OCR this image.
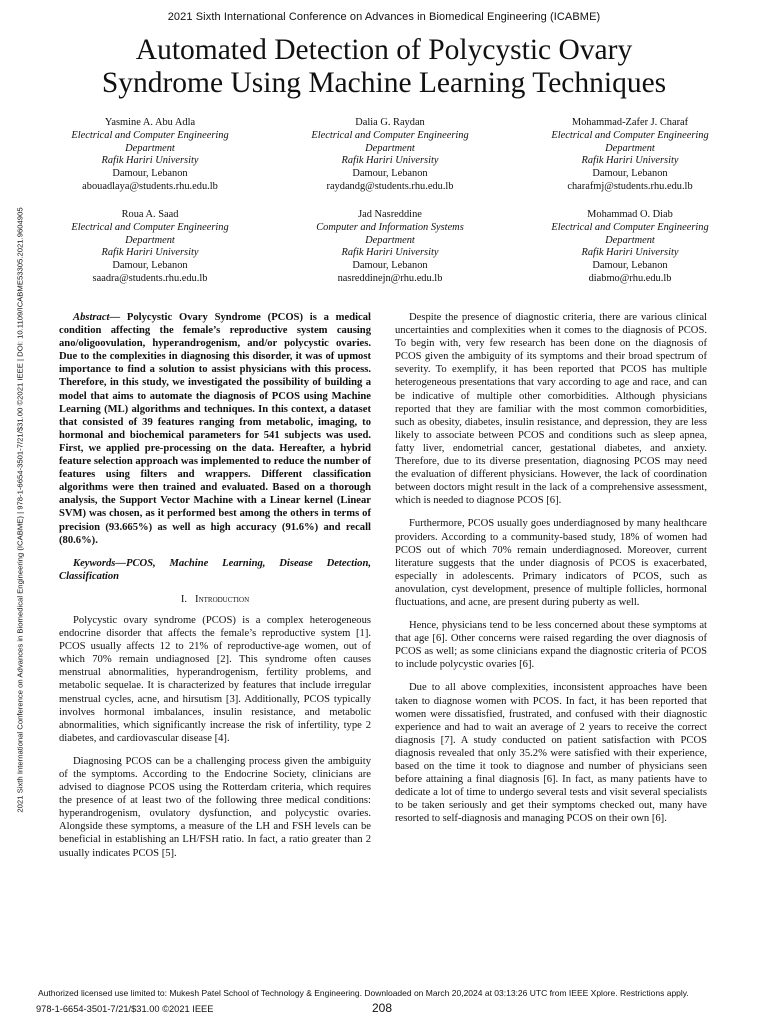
2021 Sixth International Conference on Advances in Biomedical Engineering (ICABME)
Automated Detection of Polycystic Ovary
Syndrome Using Machine Learning Techniques
Yasmine A. Abu Adla
Electrical and Computer Engineering
Department
Rafik Hariri University
Damour, Lebanon
abouadlaya@students.rhu.edu.lb
Dalia G. Raydan
Electrical and Computer Engineering
Department
Rafik Hariri University
Damour, Lebanon
raydandg@students.rhu.edu.lb
Mohammad-Zafer J. Charaf
Electrical and Computer Engineering
Department
Rafik Hariri University
Damour, Lebanon
charafmj@students.rhu.edu.lb
Roua A. Saad
Electrical and Computer Engineering
Department
Rafik Hariri University
Damour, Lebanon
saadra@students.rhu.edu.lb
Jad Nasreddine
Computer and Information Systems
Department
Rafik Hariri University
Damour, Lebanon
nasreddinejn@rhu.edu.lb
Mohammad O. Diab
Electrical and Computer Engineering
Department
Rafik Hariri University
Damour, Lebanon
diabmo@rhu.edu.lb
2021 Sixth International Conference on Advances in Biomedical Engineering (ICABME) | 978-1-6654-3501-7/21/$31.00 ©2021 IEEE | DOI: 10.1109/ICABME53305.2021.9604905	Abstract— Polycystic Ovary Syndrome (PCOS) is a medical condition affecting the female’s reproductive system causing ano/oligoovulation, hyperandrogenism, and/or polycystic ovaries. Due to the complexities in diagnosing this disorder, it was of upmost importance to find a solution to assist physicians with this process. Therefore, in this study, we investigated the possibility of building a model that aims to automate the diagnosis of PCOS using Machine Learning (ML) algorithms and techniques. In this context, a dataset that consisted of 39 features ranging from metabolic, imaging, to hormonal and biochemical parameters for 541 subjects was used. First, we applied pre-processing on the data. Hereafter, a hybrid feature selection approach was implemented to reduce the number of features using filters and wrappers. Different classification algorithms were then trained and evaluated. Based on a thorough analysis, the Support Vector Machine with a Linear kernel (Linear SVM) was chosen, as it performed best among the others in terms of precision (93.665%) as well as high accuracy (91.6%) and recall (80.6%).

Keywords—PCOS, Machine Learning, Disease Detection, Classification

I. Introduction

Polycystic ovary syndrome (PCOS) is a complex heterogeneous endocrine disorder that affects the female’s reproductive system [1]. PCOS usually affects 12 to 21% of reproductive-age women, out of which 70% remain undiagnosed [2]. This syndrome often causes menstrual abnormalities, hyperandrogenism, fertility problems, and metabolic sequelae. It is characterized by features that include irregular menstrual cycles, acne, and hirsutism [3]. Additionally, PCOS typically involves hormonal imbalances, insulin resistance, and metabolic abnormalities, which significantly increase the risk of infertility, type 2 diabetes, and cardiovascular disease [4].

Diagnosing PCOS can be a challenging process given the ambiguity of the symptoms. According to the Endocrine Society, clinicians are advised to diagnose PCOS using the Rotterdam criteria, which requires the presence of at least two of the following three medical conditions: hyperandrogenism, ovulatory dysfunction, and polycystic ovaries. Alongside these symptoms, a measure of the LH and FSH levels can be beneficial in establishing an LH/FSH ratio. In fact, a ratio greater than 2 usually indicates PCOS [5].

Despite the presence of diagnostic criteria, there are various clinical uncertainties and complexities when it comes to the diagnosis of PCOS. To begin with, very few research has been done on the diagnosis of PCOS given the ambiguity of its symptoms and their broad spectrum of severity. To exemplify, it has been reported that PCOS has multiple heterogeneous presentations that vary according to age and race, and can be indicative of multiple other comorbidities. Although physicians reported that they are familiar with the most common comorbidities, such as obesity, diabetes, insulin resistance, and depression, they are less likely to associate between PCOS and conditions such as sleep apnea, fatty liver, endometrial cancer, gestational diabetes, and anxiety. Therefore, due to its diverse presentation, diagnosing PCOS may need the evaluation of different physicians. However, the lack of coordination between doctors might result in the lack of a comprehensive assessment, which is needed to diagnose PCOS [6].

Furthermore, PCOS usually goes underdiagnosed by many healthcare providers. According to a community-based study, 18% of women had PCOS out of which 70% remain underdiagnosed. Moreover, current literature suggests that the under diagnosis of PCOS is exacerbated, especially in adolescents. Primary indicators of PCOS, such as anovulation, cyst development, presence of multiple follicles, hormonal fluctuations, and acne, are present during puberty as well.

Hence, physicians tend to be less concerned about these symptoms at that age [6]. Other concerns were raised regarding the over diagnosis of PCOS as well; as some clinicians expand the diagnostic criteria of PCOS to include polycystic ovaries [6].

Due to all above complexities, inconsistent approaches have been taken to diagnose women with PCOS. In fact, it has been reported that women were dissatisfied, frustrated, and confused with their diagnostic experience and had to wait an average of 2 years to receive the correct diagnosis [7]. A study conducted on patient satisfaction with PCOS diagnosis revealed that only 35.2% were satisfied with their experience, based on the time it took to diagnose and number of physicians seen before attaining a final diagnosis [6]. In fact, as many patients have to dedicate a lot of time to undergo several tests and visit several specialists to be taken seriously and get their symptoms checked out, many have resorted to self-diagnosis and managing PCOS on their own [6].

Authorized licensed use limited to: Mukesh Patel School of Technology & Engineering. Downloaded on March 20,2024 at 03:13:26 UTC from IEEE Xplore. Restrictions apply.
978-1-6654-3501-7/21/$31.00 ©2021 IEEE	208
